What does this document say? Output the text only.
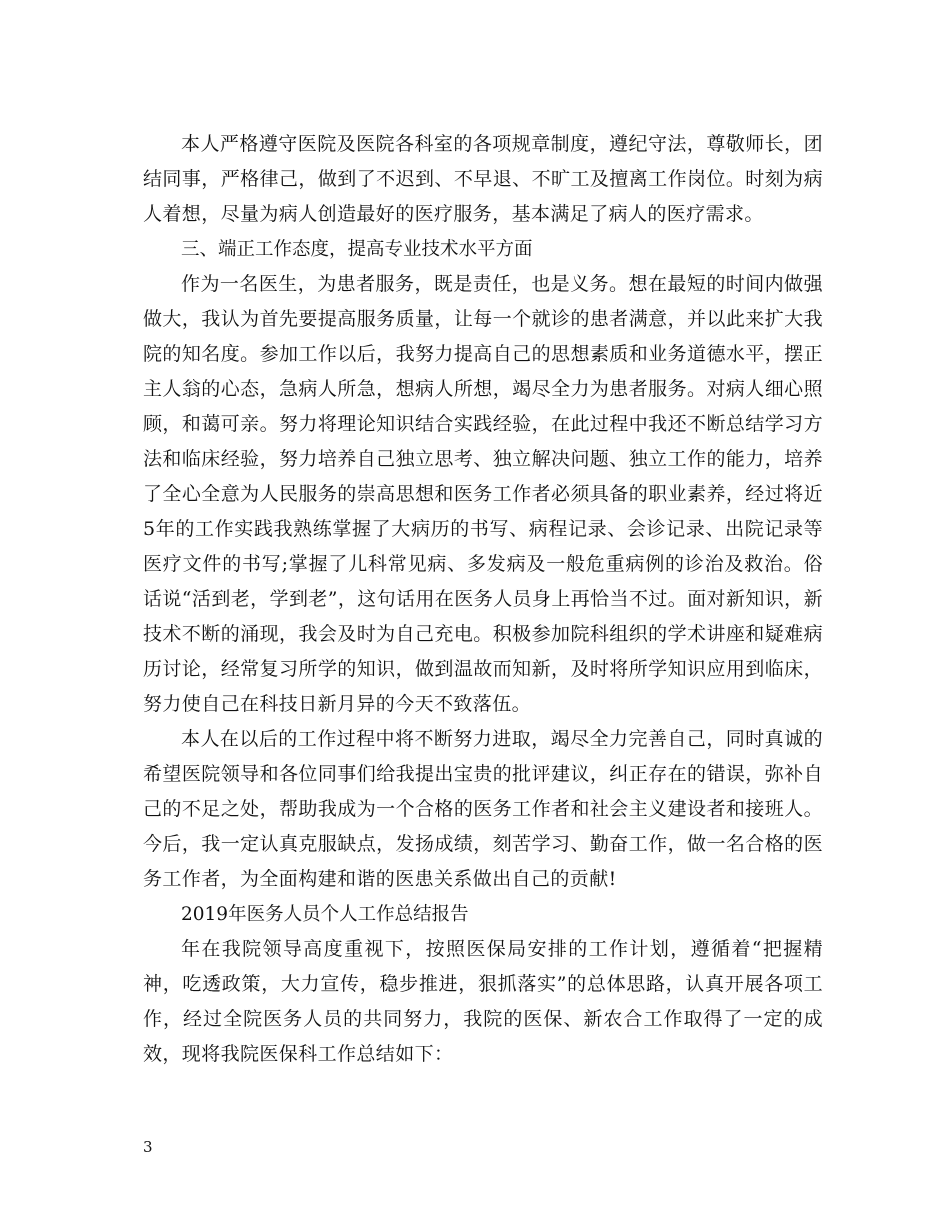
本人严格遵守医院及医院各科室的各项规章制度，遵纪守法，尊敬师长，团结同事，严格律己，做到了不迟到、不早退、不旷工及擅离工作岗位。时刻为病人着想，尽量为病人创造最好的医疗服务，基本满足了病人的医疗需求。

三、端正工作态度，提高专业技术水平方面

作为一名医生，为患者服务，既是责任，也是义务。想在最短的时间内做强做大，我认为首先要提高服务质量，让每一个就诊的患者满意，并以此来扩大我院的知名度。参加工作以后，我努力提高自己的思想素质和业务道德水平，摆正主人翁的心态，急病人所急，想病人所想，竭尽全力为患者服务。对病人细心照顾，和蔼可亲。努力将理论知识结合实践经验，在此过程中我还不断总结学习方法和临床经验，努力培养自己独立思考、独立解决问题、独立工作的能力，培养了全心全意为人民服务的崇高思想和医务工作者必须具备的职业素养，经过将近5年的工作实践我熟练掌握了大病历的书写、病程记录、会诊记录、出院记录等医疗文件的书写;掌握了儿科常见病、多发病及一般危重病例的诊治及救治。俗话说“活到老，学到老”，这句话用在医务人员身上再恰当不过。面对新知识，新技术不断的涌现，我会及时为自己充电。积极参加院科组织的学术讲座和疑难病历讨论，经常复习所学的知识，做到温故而知新，及时将所学知识应用到临床，努力使自己在科技日新月异的今天不致落伍。

本人在以后的工作过程中将不断努力进取，竭尽全力完善自己，同时真诚的希望医院领导和各位同事们给我提出宝贵的批评建议，纠正存在的错误，弥补自己的不足之处，帮助我成为一个合格的医务工作者和社会主义建设者和接班人。今后，我一定认真克服缺点，发扬成绩，刻苦学习、勤奋工作，做一名合格的医务工作者，为全面构建和谐的医患关系做出自己的贡献!

2019年医务人员个人工作总结报告

年在我院领导高度重视下，按照医保局安排的工作计划，遵循着“把握精神，吃透政策，大力宣传，稳步推进，狠抓落实”的总体思路，认真开展各项工作，经过全院医务人员的共同努力，我院的医保、新农合工作取得了一定的成效，现将我院医保科工作总结如下：

3
